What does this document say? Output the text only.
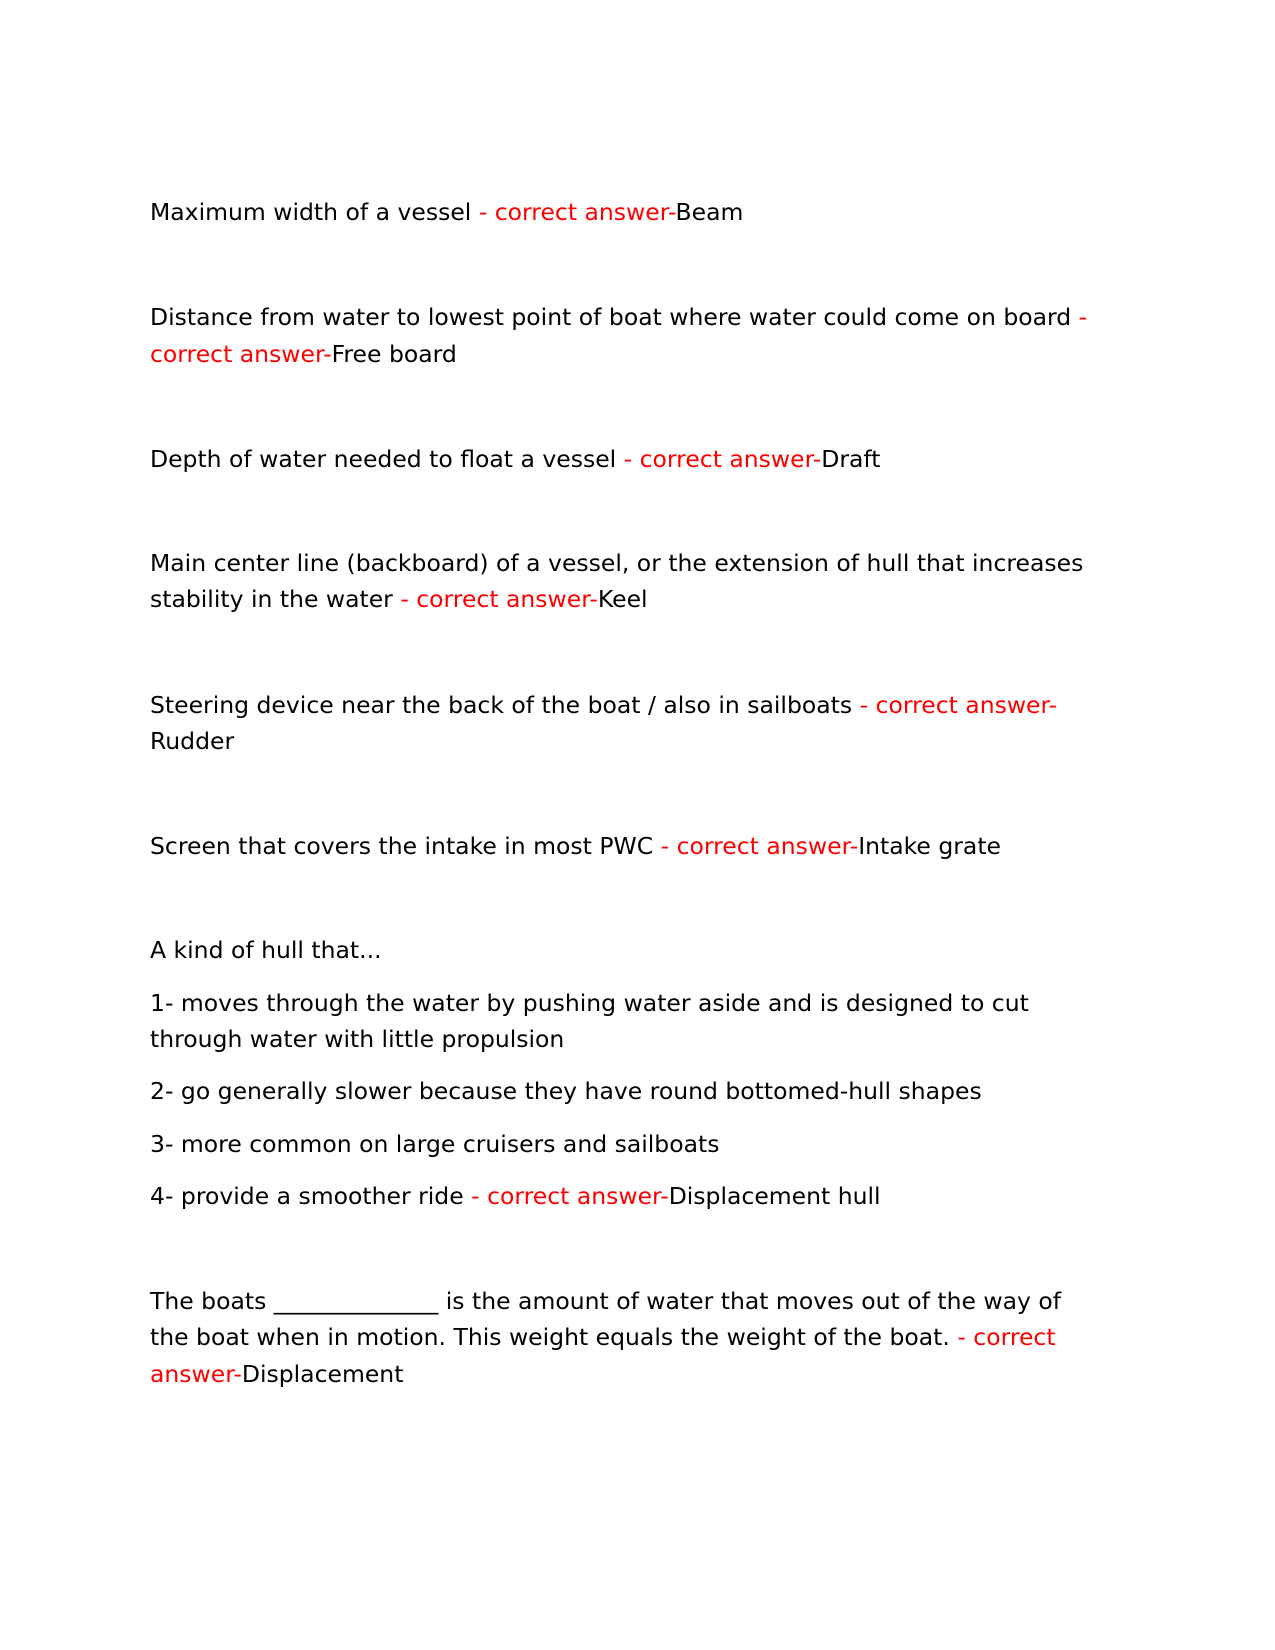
Maximum width of a vessel - correct answer-Beam

Distance from water to lowest point of boat where water could come on board -

correct answer-Free board

Depth of water needed to float a vessel - correct answer-Draft

Main center line (backboard) of a vessel, or the extension of hull that increases

stability in the water - correct answer-Keel

Steering device near the back of the boat / also in sailboats - correct answer-

Rudder

Screen that covers the intake in most PWC - correct answer-Intake grate

A kind of hull that...

1- moves through the water by pushing water aside and is designed to cut

through water with little propulsion

2- go generally slower because they have round bottomed-hull shapes

3- more common on large cruisers and sailboats

4- provide a smoother ride - correct answer-Displacement hull

The boats ______________ is the amount of water that moves out of the way of

the boat when in motion. This weight equals the weight of the boat. - correct

answer-Displacement
